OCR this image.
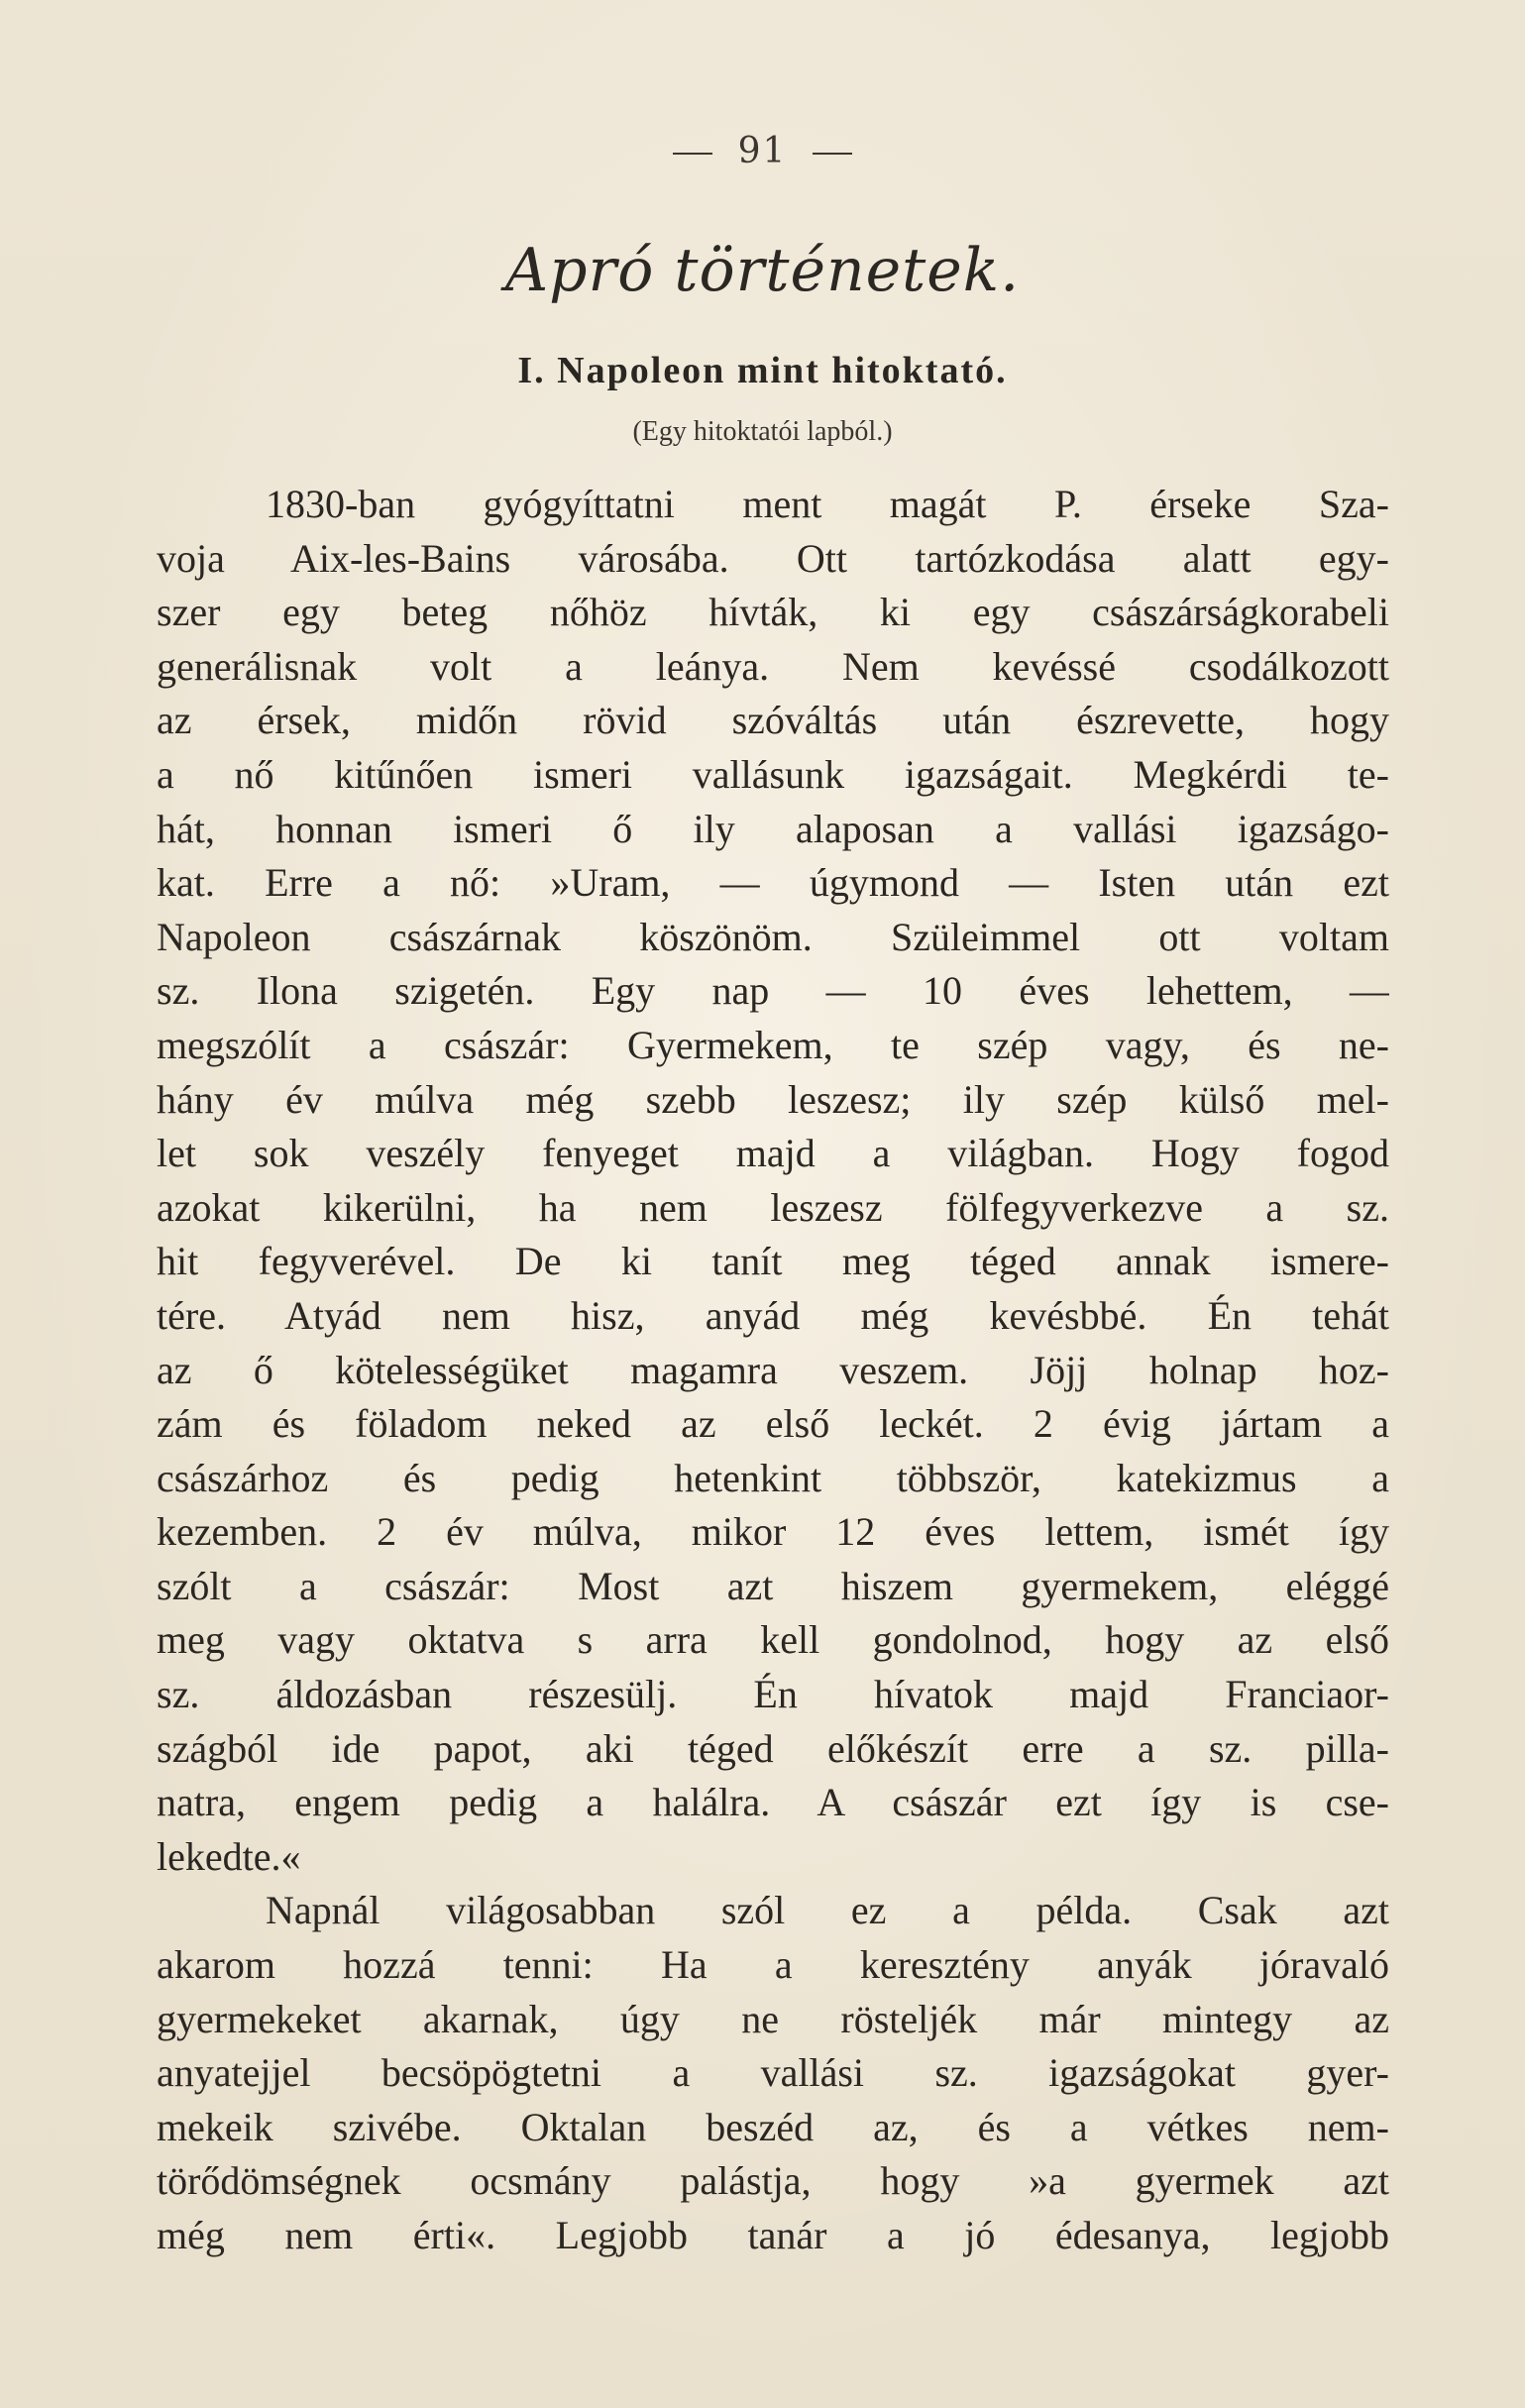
91
Apró történetek.
I. Napoleon mint hitoktató.
(Egy hitoktatói lapból.)
1830-ban gyógyíttatni ment magát P. érseke Sza-
voja Aix-les-Bains városába. Ott tartózkodása alatt egy-
szer egy beteg nőhöz hívták, ki egy császárságkorabeli
generálisnak volt a leánya. Nem kevéssé csodálkozott
az érsek, midőn rövid szóváltás után észrevette, hogy
a nő kitűnően ismeri vallásunk igazságait. Megkérdi te-
hát, honnan ismeri ő ily alaposan a vallási igazságo-
kat. Erre a nő: »Uram, — úgymond — Isten után ezt
Napoleon császárnak köszönöm. Szüleimmel ott voltam
sz. Ilona szigetén. Egy nap — 10 éves lehettem, —
megszólít a császár: Gyermekem, te szép vagy, és ne-
hány év múlva még szebb leszesz; ily szép külső mel-
let sok veszély fenyeget majd a világban. Hogy fogod
azokat kikerülni, ha nem leszesz fölfegyverkezve a sz.
hit fegyverével. De ki tanít meg téged annak ismere-
tére. Atyád nem hisz, anyád még kevésbbé. Én tehát
az ő kötelességüket magamra veszem. Jöjj holnap hoz-
zám és föladom neked az első leckét. 2 évig jártam a
császárhoz és pedig hetenkint többször, katekizmus a
kezemben. 2 év múlva, mikor 12 éves lettem, ismét így
szólt a császár: Most azt hiszem gyermekem, eléggé
meg vagy oktatva s arra kell gondolnod, hogy az első
sz. áldozásban részesülj. Én hívatok majd Franciaor-
szágból ide papot, aki téged előkészít erre a sz. pilla-
natra, engem pedig a halálra. A császár ezt így is cse-
lekedte.«
Napnál világosabban szól ez a példa. Csak azt
akarom hozzá tenni: Ha a keresztény anyák jóravaló
gyermekeket akarnak, úgy ne rösteljék már mintegy az
anyatejjel becsöpögtetni a vallási sz. igazságokat gyer-
mekeik szivébe. Oktalan beszéd az, és a vétkes nem-
törődömségnek ocsmány palástja, hogy »a gyermek azt
még nem érti«. Legjobb tanár a jó édesanya, legjobb
